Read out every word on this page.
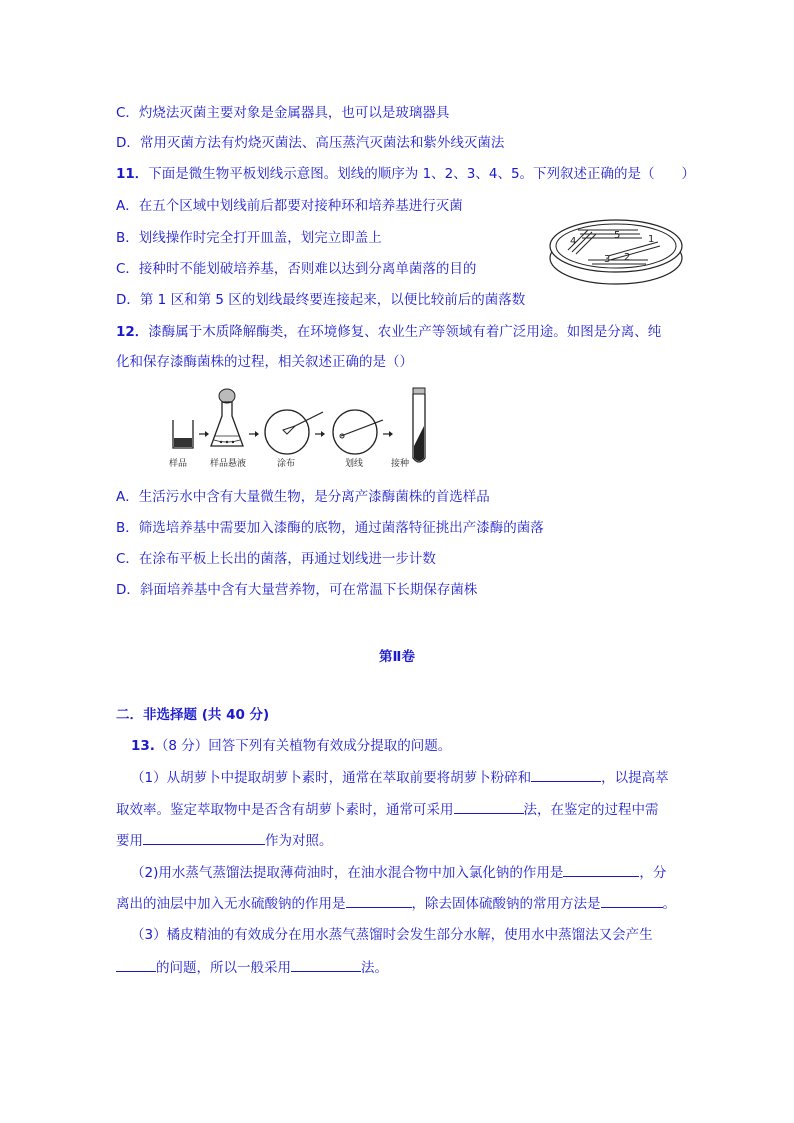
C．灼烧法灭菌主要对象是金属器具，也可以是玻璃器具
D．常用灭菌方法有灼烧灭菌法、高压蒸汽灭菌法和紫外线灭菌法
11．下面是微生物平板划线示意图。划线的顺序为 1、2、3、4、5。下列叙述正确的是（　　）
A．在五个区域中划线前后都要对接种环和培养基进行灭菌
B．划线操作时完全打开皿盖，划完立即盖上
C．接种时不能划破培养基，否则难以达到分离单菌落的目的
D．第 1 区和第 5 区的划线最终要连接起来，以便比较前后的菌落数
4
5	1
3 2
12．漆酶属于木质降解酶类，在环境修复、农业生产等领域有着广泛用途。如图是分离、纯
化和保存漆酶菌株的过程，相关叙述正确的是（）
样品	样品悬液	涂布	划线	接种
A．生活污水中含有大量微生物，是分离产漆酶菌株的首选样品
B．筛选培养基中需要加入漆酶的底物，通过菌落特征挑出产漆酶的菌落
C．在涂布平板上长出的菌落，再通过划线进一步计数
D．斜面培养基中含有大量营养物，可在常温下长期保存菌株
第Ⅱ卷
二．非选择题 (共 40 分)
13.（8 分）回答下列有关植物有效成分提取的问题。
（1）从胡萝卜中提取胡萝卜素时，通常在萃取前要将胡萝卜粉碎和	，以提高萃
取效率。鉴定萃取物中是否含有胡萝卜素时，通常可采用	法，在鉴定的过程中需
要用	作为对照。
（2)用水蒸气蒸馏法提取薄荷油时，在油水混合物中加入氯化钠的作用是	，分
离出的油层中加入无水硫酸钠的作用是	，除去固体硫酸钠的常用方法是	。
（3）橘皮精油的有效成分在用水蒸气蒸馏时会发生部分水解，使用水中蒸馏法又会产生
的问题，所以一般采用	法。
